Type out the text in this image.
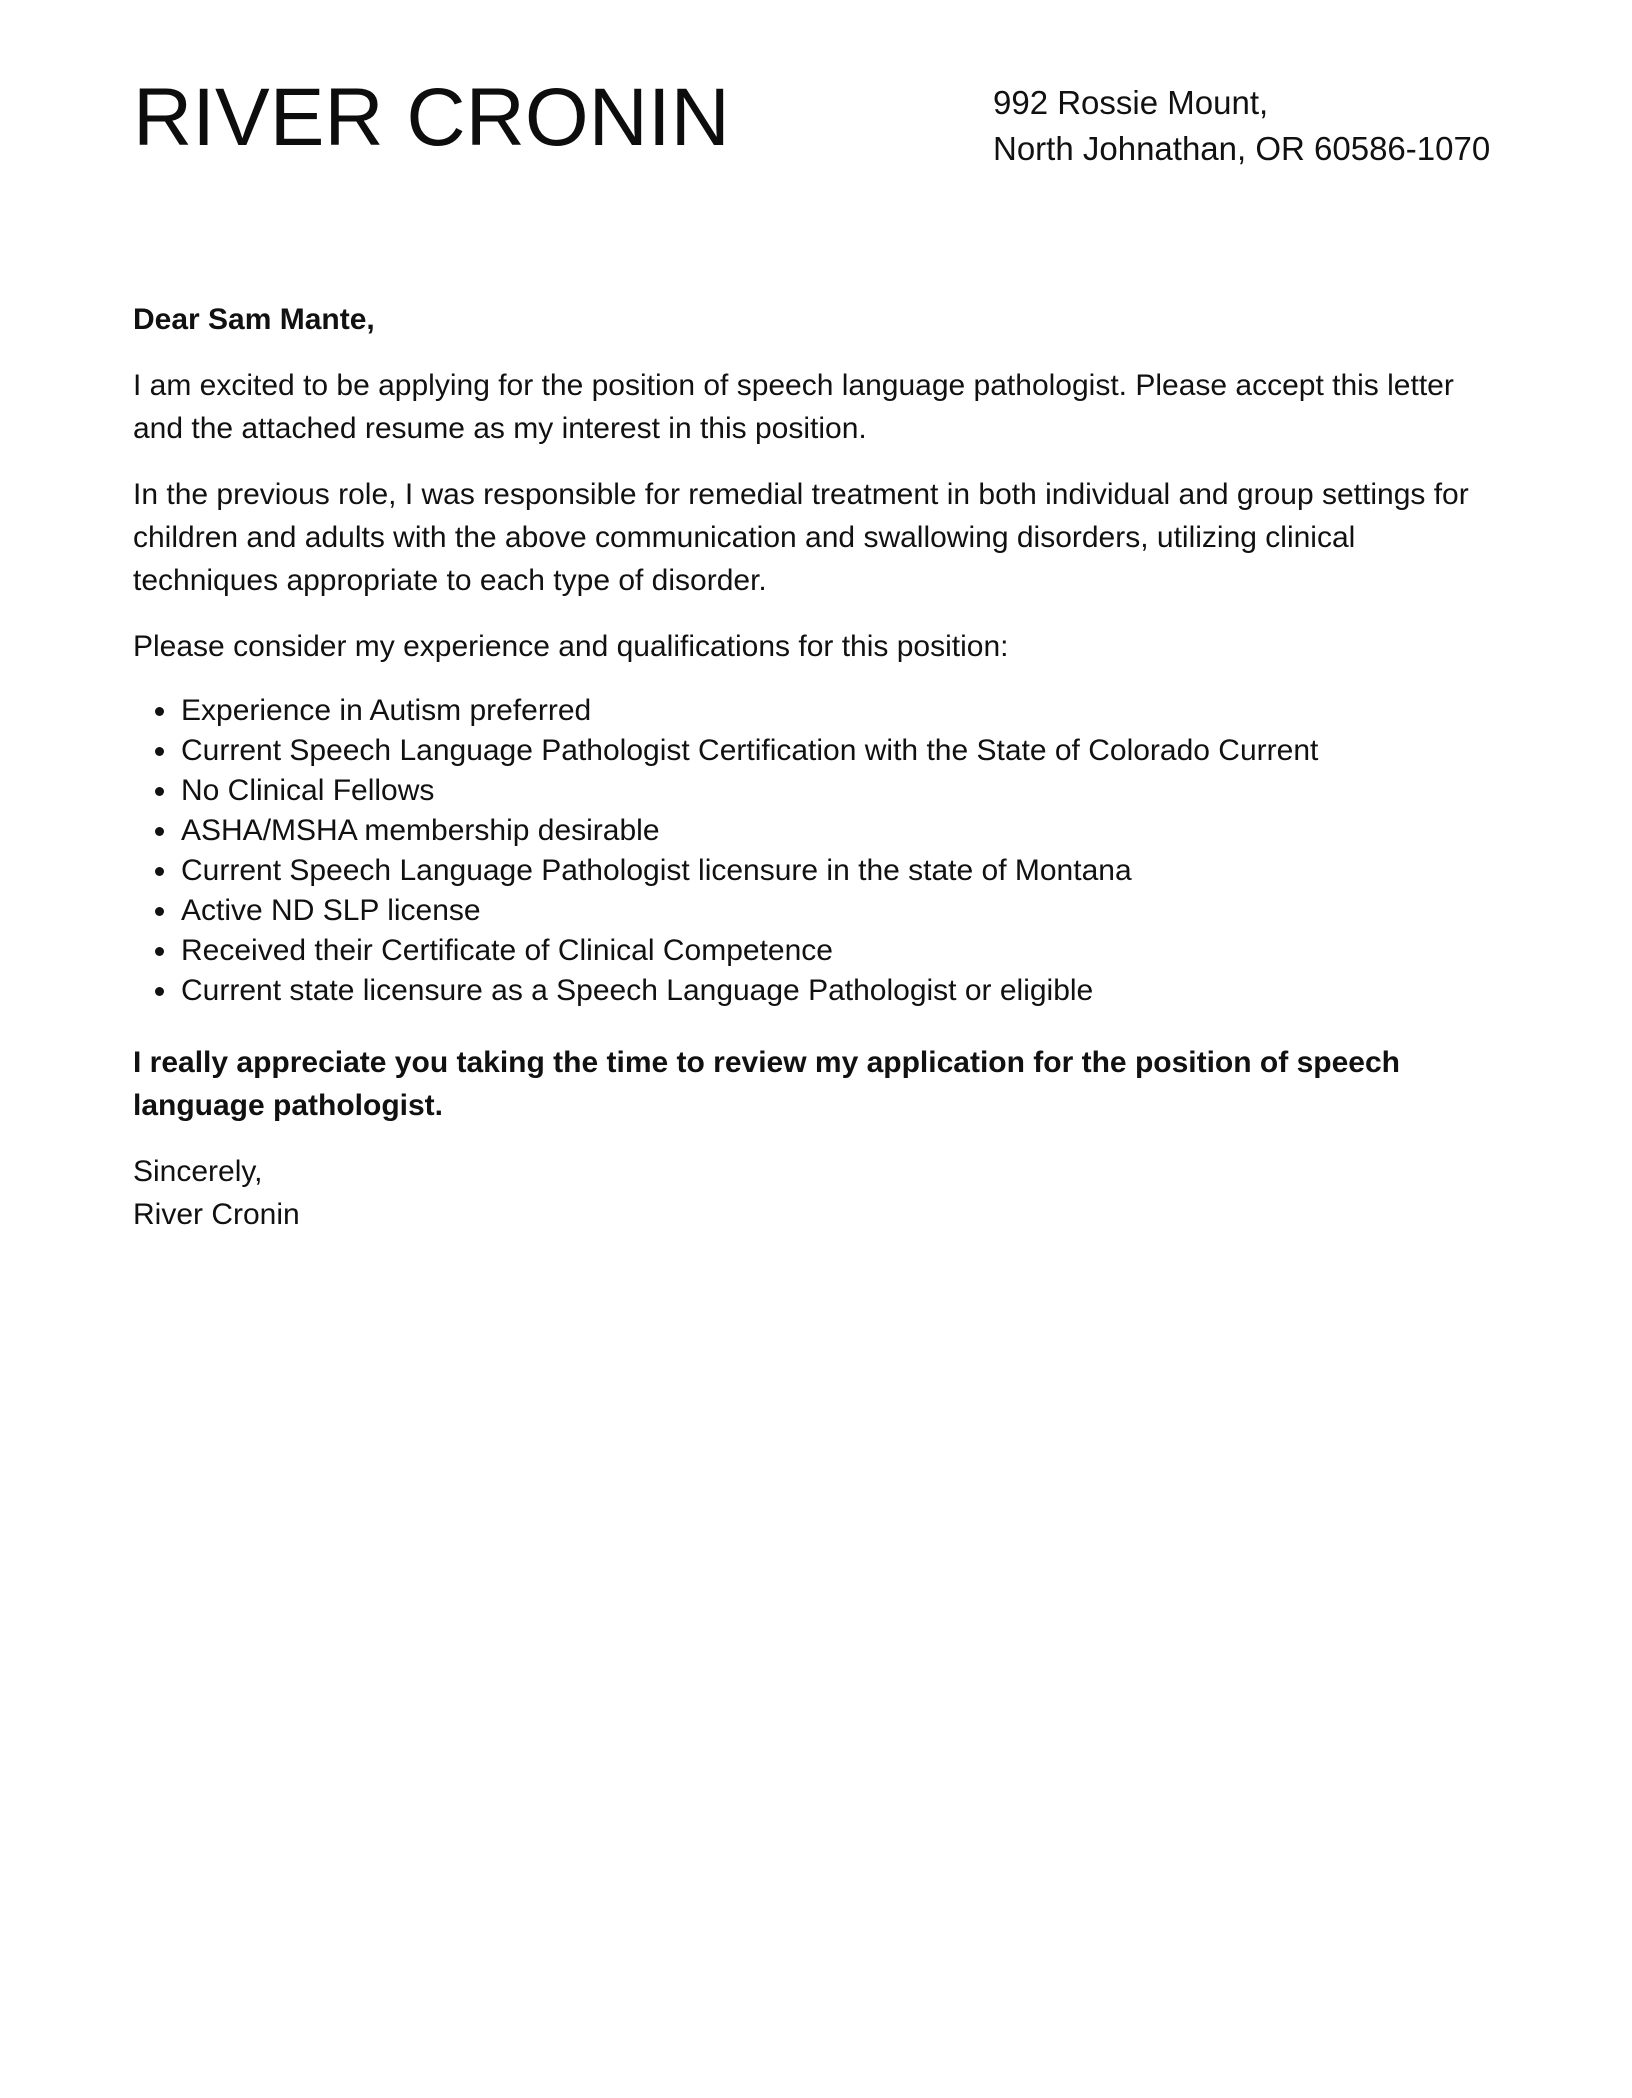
RIVER CRONIN	992 Rossie Mount,
North Johnathan, OR 60586-1070

Dear Sam Mante,

I am excited to be applying for the position of speech language pathologist. Please accept this letter and the attached resume as my interest in this position.

In the previous role, I was responsible for remedial treatment in both individual and group settings for children and adults with the above communication and swallowing disorders, utilizing clinical techniques appropriate to each type of disorder.

Please consider my experience and qualifications for this position:

Experience in Autism preferred
Current Speech Language Pathologist Certification with the State of Colorado Current
No Clinical Fellows
ASHA/MSHA membership desirable
Current Speech Language Pathologist licensure in the state of Montana
Active ND SLP license
Received their Certificate of Clinical Competence
Current state licensure as a Speech Language Pathologist or eligible

I really appreciate you taking the time to review my application for the position of speech language pathologist.

Sincerely,
River Cronin
